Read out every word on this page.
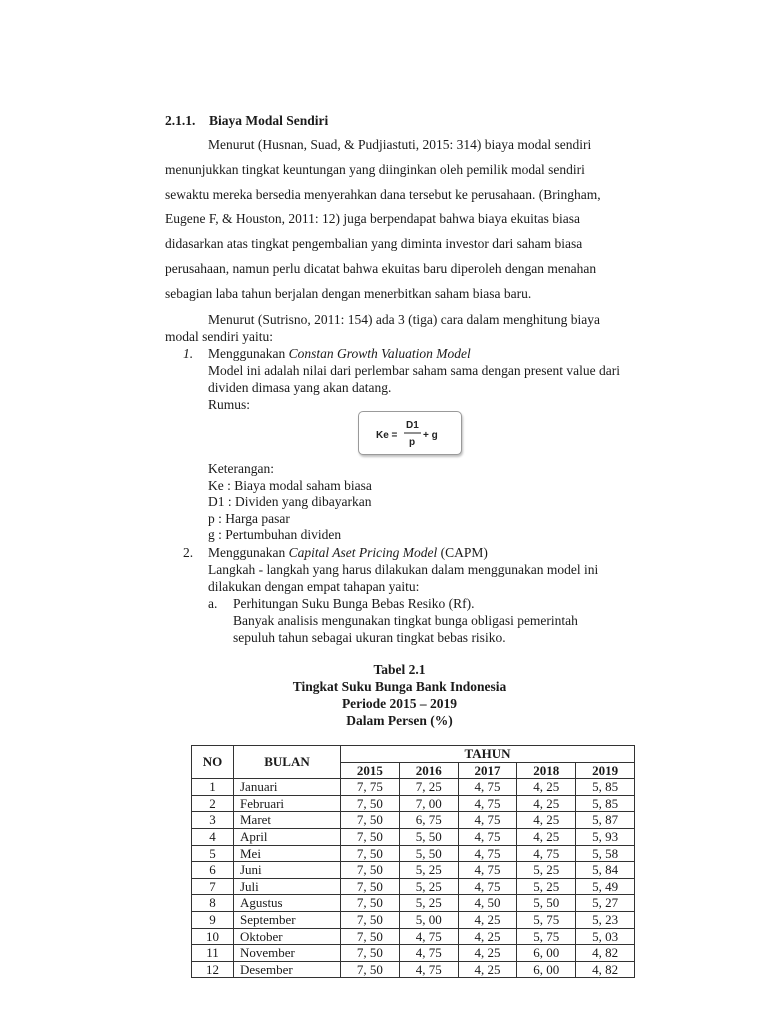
2.1.1. Biaya Modal Sendiri
Menurut (Husnan, Suad, & Pudjiastuti, 2015: 314) biaya modal sendiri
menunjukkan tingkat keuntungan yang diinginkan oleh pemilik modal sendiri
sewaktu mereka bersedia menyerahkan dana tersebut ke perusahaan. (Bringham,
Eugene F, & Houston, 2011: 12) juga berpendapat bahwa biaya ekuitas biasa
didasarkan atas tingkat pengembalian yang diminta investor dari saham biasa
perusahaan, namun perlu dicatat bahwa ekuitas baru diperoleh dengan menahan
sebagian laba tahun berjalan dengan menerbitkan saham biasa baru.
Menurut (Sutrisno, 2011: 154) ada 3 (tiga) cara dalam menghitung biaya
modal sendiri yaitu:
1. Menggunakan Constan Growth Valuation Model
Model ini adalah nilai dari perlembar saham sama dengan present value dari
dividen dimasa yang akan datang.
Rumus:
Ke =
D1
p
+ g
Keterangan:
Ke : Biaya modal saham biasa
D1 : Dividen yang dibayarkan
p : Harga pasar
g : Pertumbuhan dividen
2. Menggunakan Capital Aset Pricing Model (CAPM)
Langkah - langkah yang harus dilakukan dalam menggunakan model ini
dilakukan dengan empat tahapan yaitu:
a. Perhitungan Suku Bunga Bebas Resiko (Rf).
Banyak analisis mengunakan tingkat bunga obligasi pemerintah
sepuluh tahun sebagai ukuran tingkat bebas risiko.
Tabel 2.1
Tingkat Suku Bunga Bank Indonesia
Periode 2015 – 2019
Dalam Persen (%)
NO	BULAN	TAHUN				
		2015	2016	2017	2018	2019
1	Januari	7, 75	7, 25	4, 75	4, 25	5, 85
2	Februari	7, 50	7, 00	4, 75	4, 25	5, 85
3	Maret	7, 50	6, 75	4, 75	4, 25	5, 87
4	April	7, 50	5, 50	4, 75	4, 25	5, 93
5	Mei	7, 50	5, 50	4, 75	4, 75	5, 58
6	Juni	7, 50	5, 25	4, 75	5, 25	5, 84
7	Juli	7, 50	5, 25	4, 75	5, 25	5, 49
8	Agustus	7, 50	5, 25	4, 50	5, 50	5, 27
9	September	7, 50	5, 00	4, 25	5, 75	5, 23
10	Oktober	7, 50	4, 75	4, 25	5, 75	5, 03
11	November	7, 50	4, 75	4, 25	6, 00	4, 82
12	Desember	7, 50	4, 75	4, 25	6, 00	4, 82
